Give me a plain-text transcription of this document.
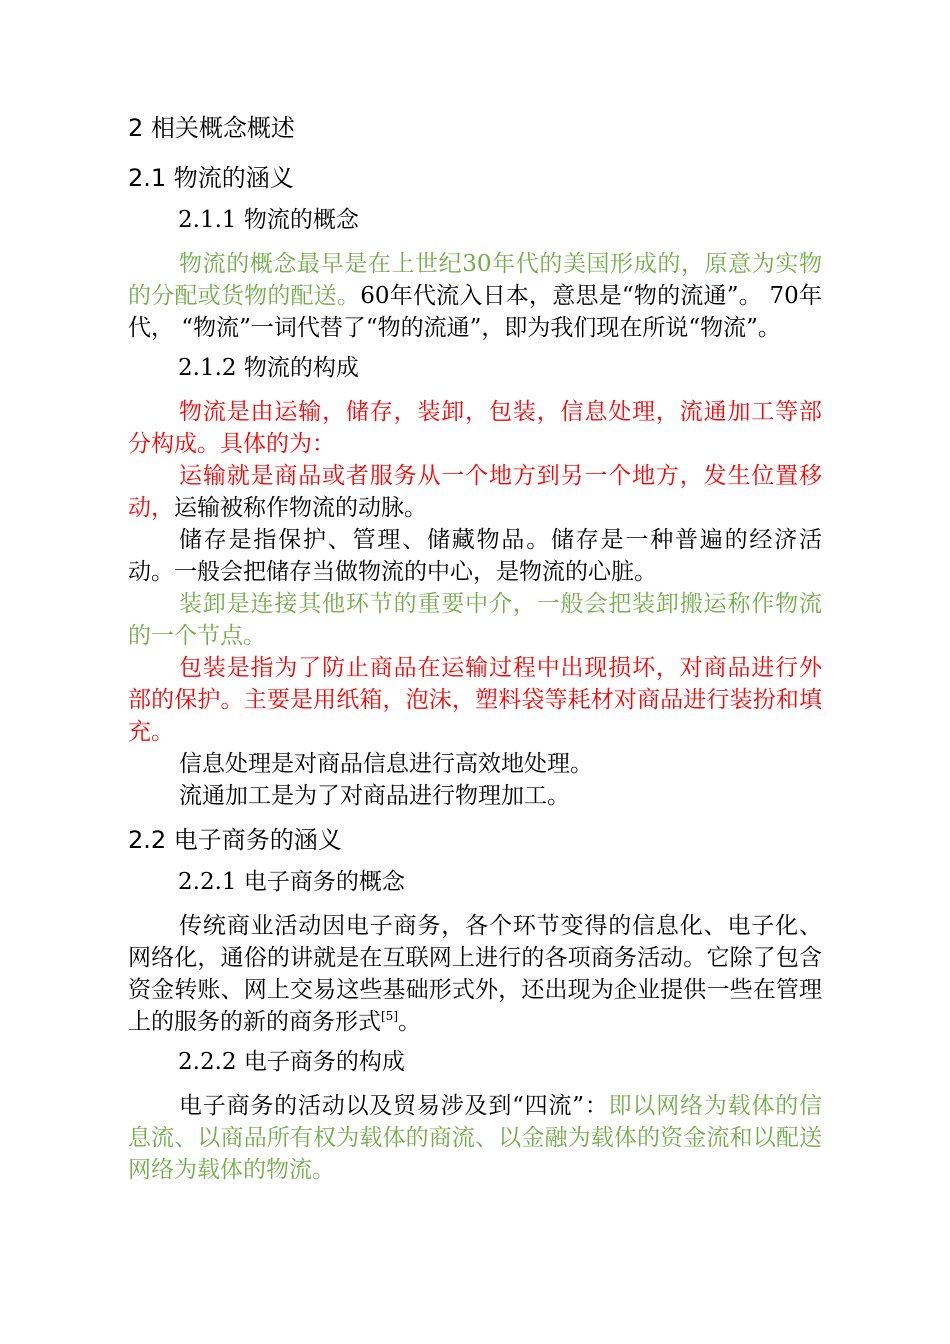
2 相关概念概述
2.1 物流的涵义
2.1.1 物流的概念

物流的概念最早是在上世纪30年代的美国形成的，原意为实物的分配或货物的配送。60年代流入日本，意思是“物的流通”。 70年代， “物流”一词代替了“物的流通”，即为我们现在所说“物流”。

2.1.2 物流的构成

物流是由运输，储存，装卸，包装，信息处理，流通加工等部分构成。具体的为：

运输就是商品或者服务从一个地方到另一个地方，发生位置移动，运输被称作物流的动脉。

储存是指保护、管理、储藏物品。储存是一种普遍的经济活动。一般会把储存当做物流的中心，是物流的心脏。

装卸是连接其他环节的重要中介，一般会把装卸搬运称作物流的一个节点。

包装是指为了防止商品在运输过程中出现损坏，对商品进行外部的保护。主要是用纸箱，泡沫，塑料袋等耗材对商品进行装扮和填充。

信息处理是对商品信息进行高效地处理。

流通加工是为了对商品进行物理加工。

2.2 电子商务的涵义
2.2.1 电子商务的概念

传统商业活动因电子商务，各个环节变得的信息化、电子化、网络化，通俗的讲就是在互联网上进行的各项商务活动。它除了包含资金转账、网上交易这些基础形式外，还出现为企业提供一些在管理上的服务的新的商务形式[5]。

2.2.2 电子商务的构成

电子商务的活动以及贸易涉及到“四流”：即以网络为载体的信息流、以商品所有权为载体的商流、以金融为载体的资金流和以配送网络为载体的物流。
